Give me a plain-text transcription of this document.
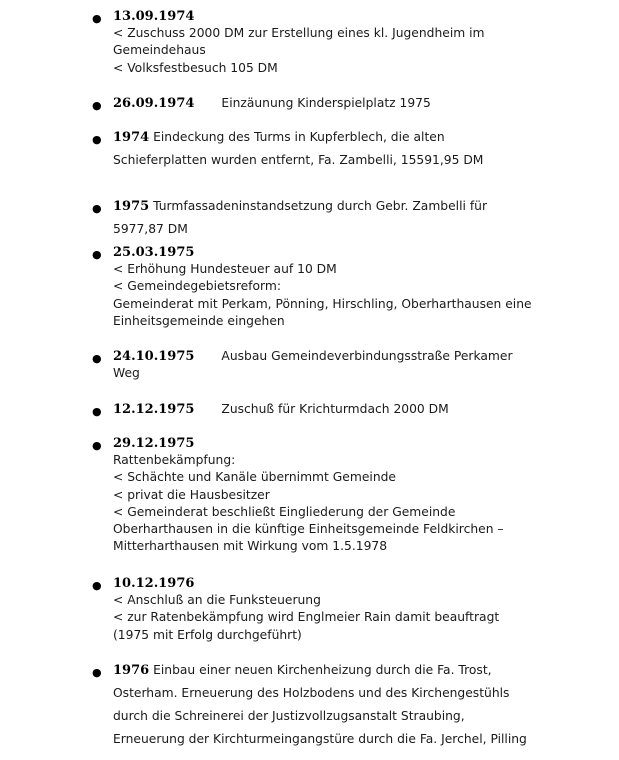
● 13.09.1974
< Zuschuss 2000 DM zur Erstellung eines kl. Jugendheim im
Gemeindehaus
< Volksfestbesuch 105 DM
● 26.09.1974 Einzäunung Kinderspielplatz 1975
● 1974 Eindeckung des Turms in Kupferblech, die alten
Schieferplatten wurden entfernt, Fa. Zambelli, 15591,95 DM
● 1975 Turmfassadeninstandsetzung durch Gebr. Zambelli für
5977,87 DM
● 25.03.1975
< Erhöhung Hundesteuer auf 10 DM
< Gemeindegebietsreform:
Gemeinderat mit Perkam, Pönning, Hirschling, Oberharthausen eine
Einheitsgemeinde eingehen
● 24.10.1975 Ausbau Gemeindeverbindungsstraße Perkamer
Weg
● 12.12.1975 Zuschuß für Krichturmdach 2000 DM
● 29.12.1975
Rattenbekämpfung:
< Schächte und Kanäle übernimmt Gemeinde
< privat die Hausbesitzer
< Gemeinderat beschließt Eingliederung der Gemeinde
Oberharthausen in die künftige Einheitsgemeinde Feldkirchen –
Mitterharthausen mit Wirkung vom 1.5.1978
● 10.12.1976
< Anschluß an die Funksteuerung
< zur Ratenbekämpfung wird Englmeier Rain damit beauftragt
(1975 mit Erfolg durchgeführt)
● 1976 Einbau einer neuen Kirchenheizung durch die Fa. Trost,
Osterham. Erneuerung des Holzbodens und des Kirchengestühls
durch die Schreinerei der Justizvollzugsanstalt Straubing,
Erneuerung der Kirchturmeingangstüre durch die Fa. Jerchel, Pilling
